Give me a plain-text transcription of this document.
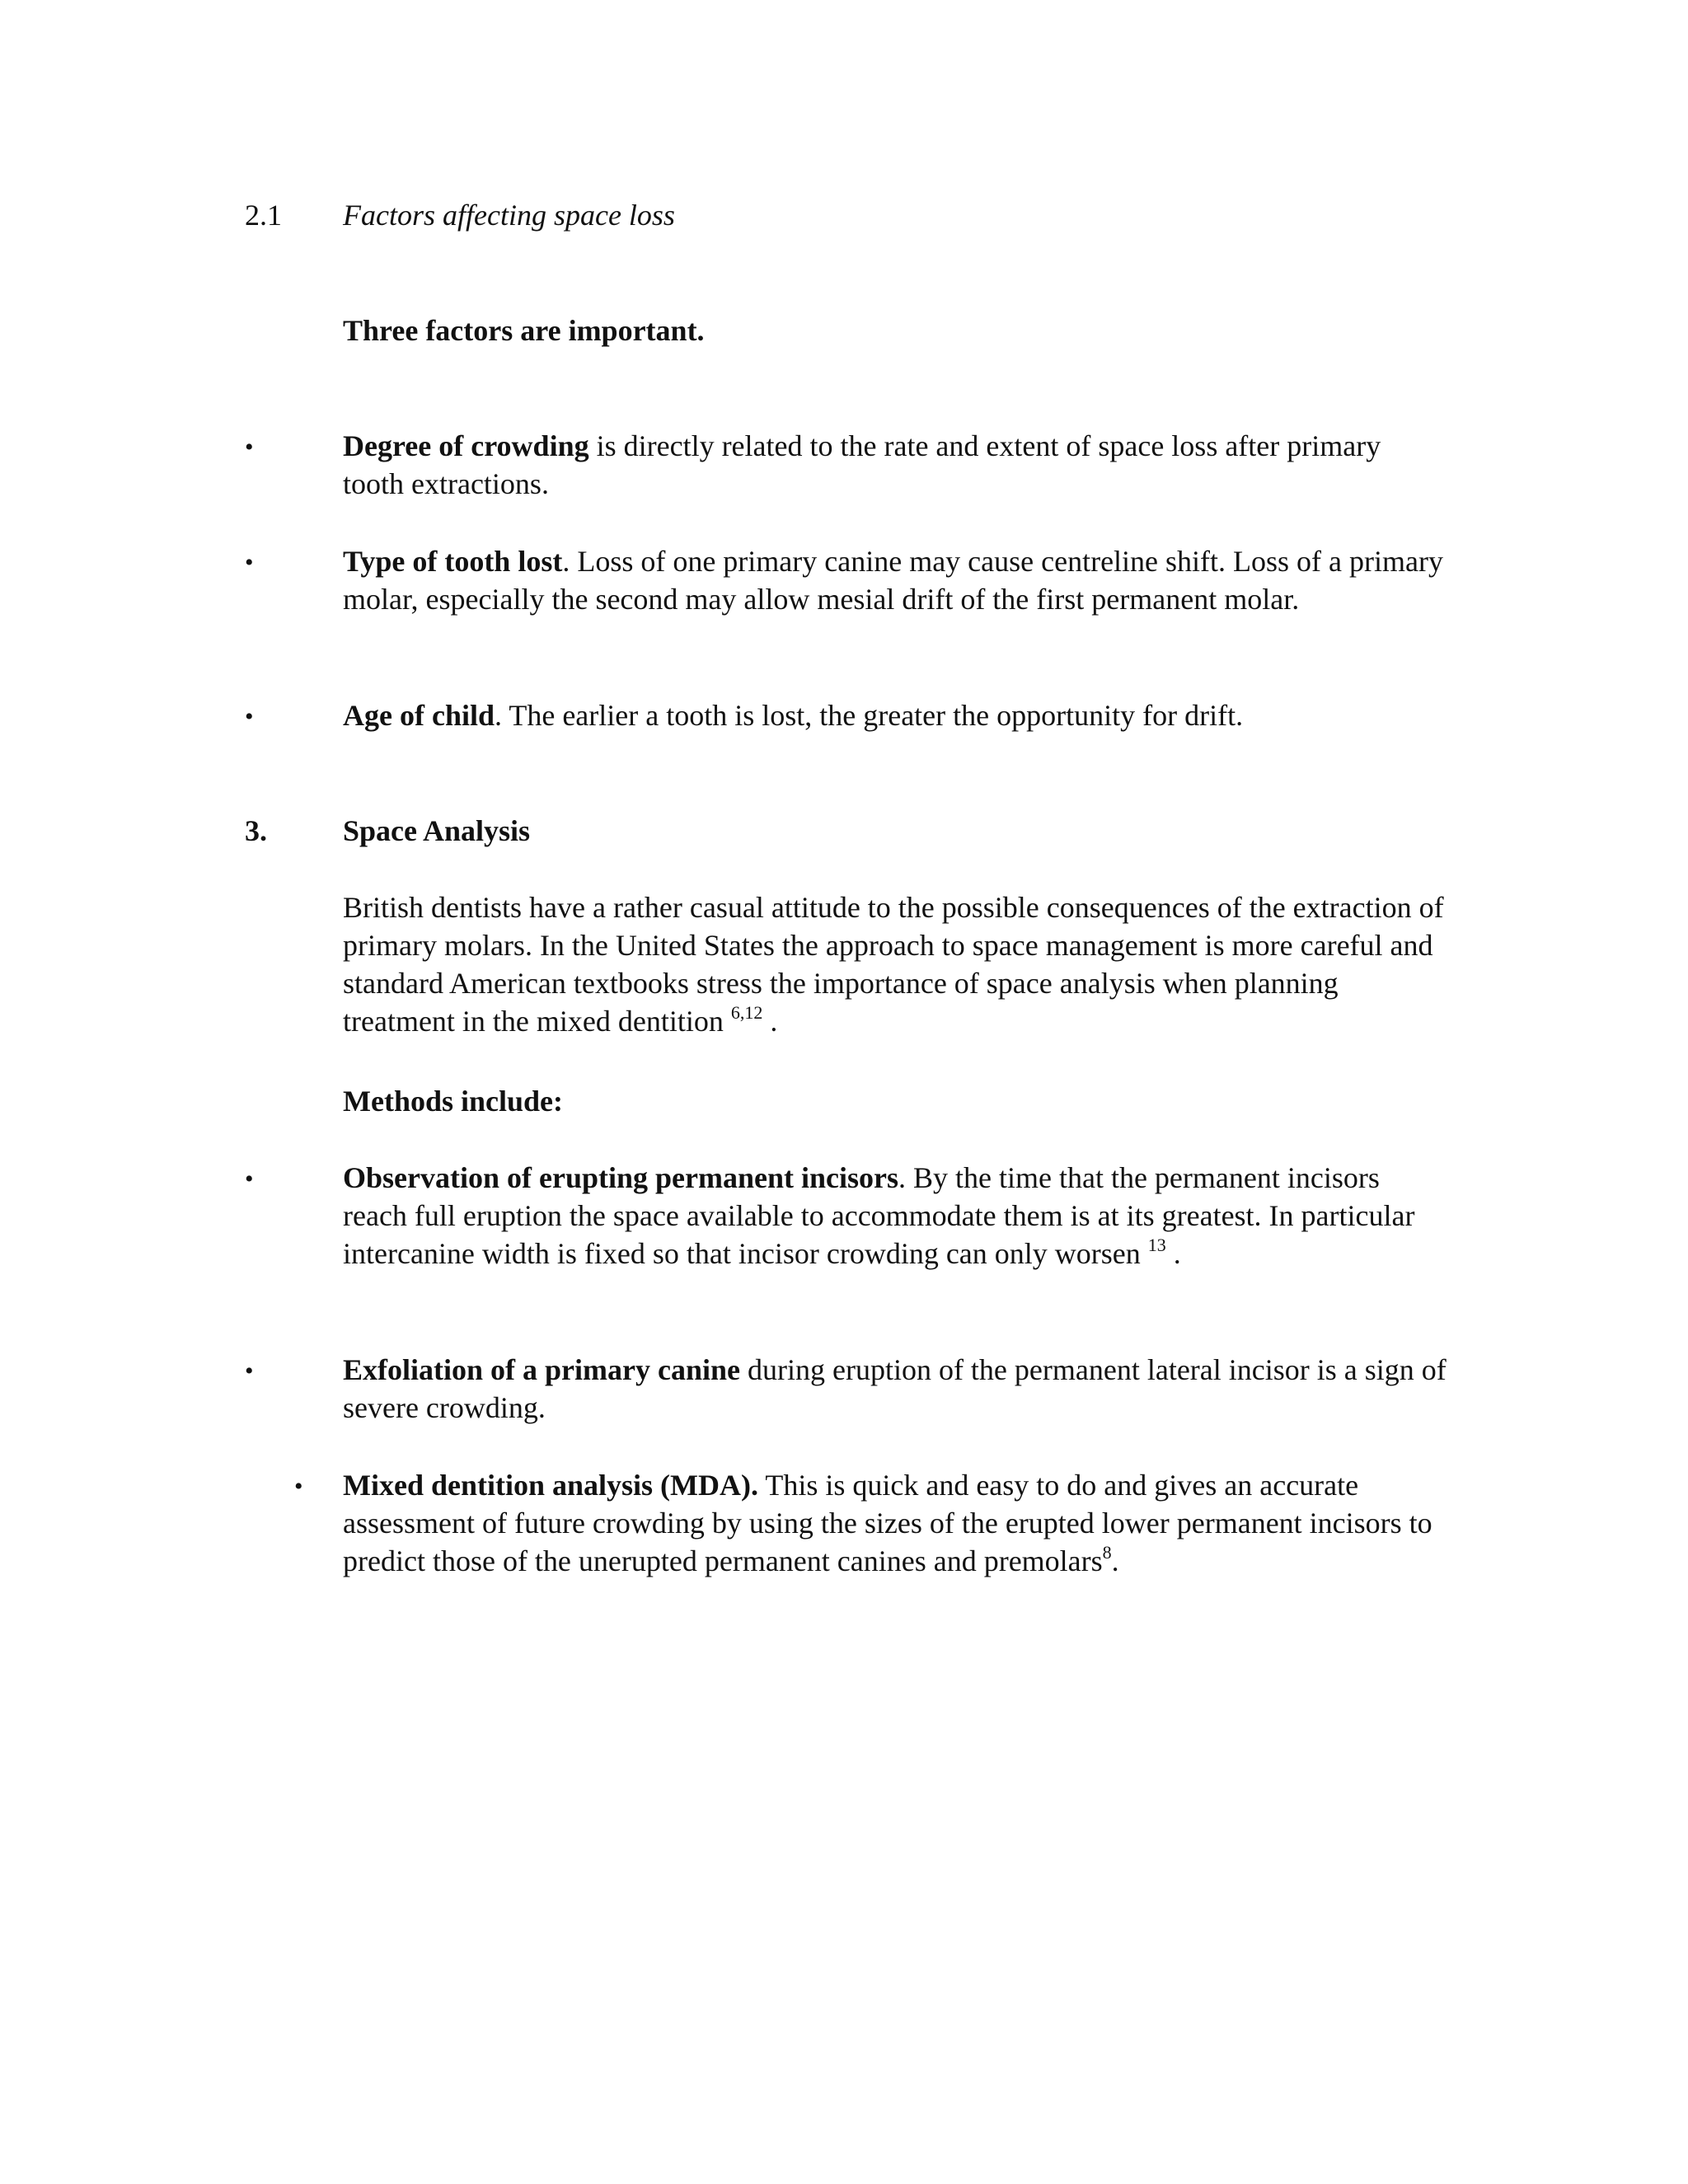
2.1 Factors affecting space loss
Three factors are important.
•	Degree of crowding is directly related to the rate and extent of space loss after primary tooth extractions.
•	Type of tooth lost. Loss of one primary canine may cause centreline shift. Loss of a primary molar, especially the second may allow mesial drift of the first permanent molar.
•	Age of child. The earlier a tooth is lost, the greater the opportunity for drift.
3.	Space Analysis
British dentists have a rather casual attitude to the possible consequences of the extraction of primary molars. In the United States the approach to space management is more careful and standard American textbooks stress the importance of space analysis when planning treatment in the mixed dentition $^{6,12}$ .
Methods include:
•	Observation of erupting permanent incisors. By the time that the permanent incisors reach full eruption the space available to accommodate them is at its greatest. In particular intercanine width is fixed so that incisor crowding can only worsen $^{13}$ .
•	Exfoliation of a primary canine during eruption of the permanent lateral incisor is a sign of severe crowding.
• Mixed dentition analysis (MDA). This is quick and easy to do and gives an accurate assessment of future crowding by using the sizes of the erupted lower permanent incisors to predict those of the unerupted permanent canines and premolars$^8$.
